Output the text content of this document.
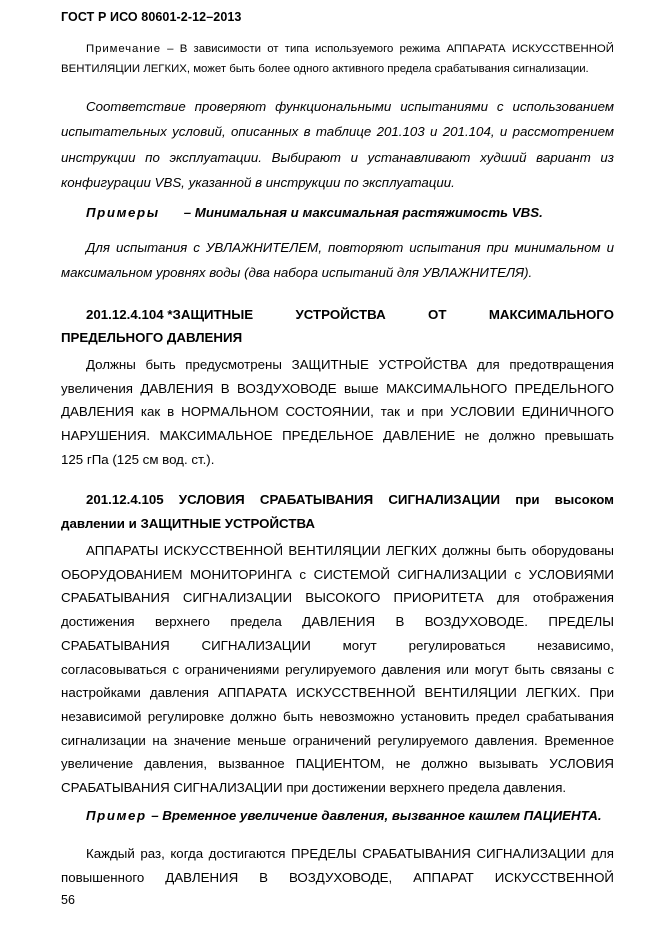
ГОСТ Р ИСО 80601-2-12–2013
Примечание – В зависимости от типа используемого режима АППАРАТА ИСКУССТВЕННОЙ
ВЕНТИЛЯЦИИ ЛЕГКИХ, может быть более одного активного предела срабатывания сигнализации.
Соответствие проверяют функциональными испытаниями с использованием
испытательных условий, описанных в таблице 201.103 и 201.104, и рассмотрением
инструкции по эксплуатации. Выбирают и устанавливают худший вариант из
конфигурации VBS, указанной в инструкции по эксплуатации.
Примеры – Минимальная и максимальная растяжимость VBS.
Для испытания с УВЛАЖНИТЕЛЕМ, повторяют испытания при минимальном и
максимальном уровнях воды (два набора испытаний для УВЛАЖНИТЕЛЯ).
201.12.4.104 *ЗАЩИТНЫЕ	УСТРОЙСТВА	ОТ	МАКСИМАЛЬНОГО
ПРЕДЕЛЬНОГО ДАВЛЕНИЯ
Должны быть предусмотрены ЗАЩИТНЫЕ УСТРОЙСТВА для предотвращения
увеличения ДАВЛЕНИЯ В ВОЗДУХОВОДЕ выше МАКСИМАЛЬНОГО ПРЕДЕЛЬНОГО
ДАВЛЕНИЯ как в НОРМАЛЬНОМ СОСТОЯНИИ, так и при УСЛОВИИ ЕДИНИЧНОГО
НАРУШЕНИЯ. МАКСИМАЛЬНОЕ ПРЕДЕЛЬНОЕ ДАВЛЕНИЕ не должно превышать
125 гПа (125 см вод. ст.).
201.12.4.105 УСЛОВИЯ СРАБАТЫВАНИЯ СИГНАЛИЗАЦИИ при высоком
давлении и ЗАЩИТНЫЕ УСТРОЙСТВА
АППАРАТЫ ИСКУССТВЕННОЙ ВЕНТИЛЯЦИИ ЛЕГКИХ должны быть оборудованы
ОБОРУДОВАНИЕМ МОНИТОРИНГА с СИСТЕМОЙ СИГНАЛИЗАЦИИ с УСЛОВИЯМИ
СРАБАТЫВАНИЯ СИГНАЛИЗАЦИИ ВЫСОКОГО ПРИОРИТЕТА для отображения
достижения верхнего предела ДАВЛЕНИЯ В ВОЗДУХОВОДЕ. ПРЕДЕЛЫ
СРАБАТЫВАНИЯ СИГНАЛИЗАЦИИ могут регулироваться независимо,
согласовываться с ограничениями регулируемого давления или могут быть связаны с
настройками давления АППАРАТА ИСКУССТВЕННОЙ ВЕНТИЛЯЦИИ ЛЕГКИХ. При
независимой регулировке должно быть невозможно установить предел срабатывания
сигнализации на значение меньше ограничений регулируемого давления. Временное
увеличение давления, вызванное ПАЦИЕНТОМ, не должно вызывать УСЛОВИЯ
СРАБАТЫВАНИЯ СИГНАЛИЗАЦИИ при достижении верхнего предела давления.
Пример – Временное увеличение давления, вызванное кашлем ПАЦИЕНТА.
Каждый раз, когда достигаются ПРЕДЕЛЫ СРАБАТЫВАНИЯ СИГНАЛИЗАЦИИ для
повышенного ДАВЛЕНИЯ В ВОЗДУХОВОДЕ, АППАРАТ ИСКУССТВЕННОЙ
56
